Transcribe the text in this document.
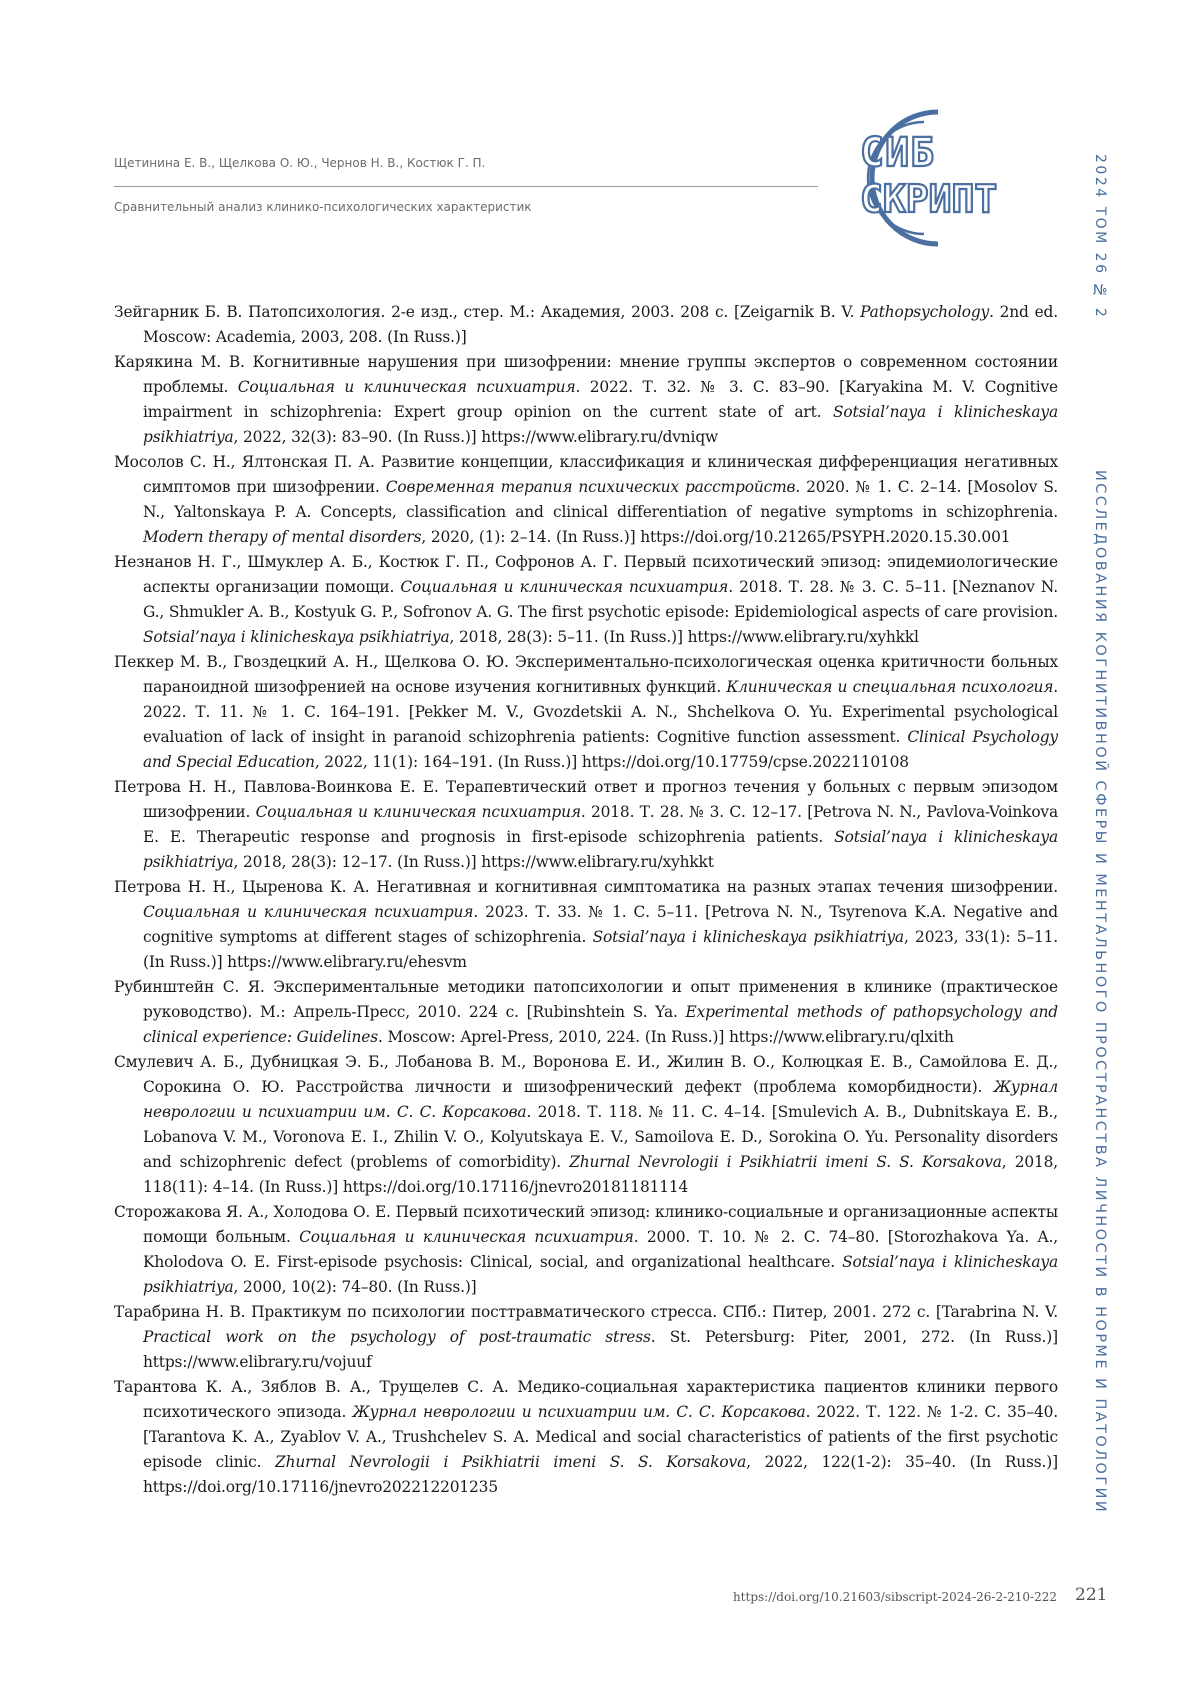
Щетинина Е. В., Щелкова О. Ю., Чернов Н. В., Костюк Г. П.
Сравнительный анализ клинико-психологических характеристик
СИБ
СКРИПТ	2024 ТОМ 26 № 2
ИССЛЕДОВАНИЯ КОГНИТИВНОЙ СФЕРЫ И МЕНТАЛЬНОГО ПРОСТРАНСТВА ЛИЧНОСТИ В НОРМЕ И ПАТОЛОГИИ

Зейгарник Б. В. Патопсихология. 2-е изд., стер. М.: Академия, 2003. 208 с. [Zeigarnik B. V. Pathopsychology. 2nd ed. Moscow: Academia, 2003, 208. (In Russ.)]

Карякина М. В. Когнитивные нарушения при шизофрении: мнение группы экспертов о современном состоянии проблемы. Социальная и клиническая психиатрия. 2022. Т. 32. № 3. С. 83–90. [Karyakina M. V. Cognitive impairment in schizophrenia: Expert group opinion on the current state of art. Sotsial’naya i klinicheskaya psikhiatriya, 2022, 32(3): 83–90. (In Russ.)] https://www.elibrary.ru/dvniqw

Мосолов С. Н., Ялтонская П. А. Развитие концепции, классификация и клиническая дифференциация негативных симптомов при шизофрении. Современная терапия психических расстройств. 2020. № 1. С. 2–14. [Mosolov S. N., Yaltonskaya P. A. Concepts, classification and clinical differentiation of negative symptoms in schizophrenia. Modern therapy of mental disorders, 2020, (1): 2–14. (In Russ.)] https://doi.org/10.21265/PSYPH.2020.15.30.001

Незнанов Н. Г., Шмуклер А. Б., Костюк Г. П., Софронов А. Г. Первый психотический эпизод: эпидемиологические аспекты организации помощи. Социальная и клиническая психиатрия. 2018. Т. 28. № 3. С. 5–11. [Neznanov N. G., Shmukler A. B., Kostyuk G. P., Sofronov A. G. The first psychotic episode: Epidemiological aspects of care provision. Sotsial’naya i klinicheskaya psikhiatriya, 2018, 28(3): 5–11. (In Russ.)] https://www.elibrary.ru/xyhkkl

Пеккер М. В., Гвоздецкий А. Н., Щелкова О. Ю. Экспериментально-психологическая оценка критичности больных параноидной шизофренией на основе изучения когнитивных функций. Клиническая и специальная психология. 2022. Т. 11. № 1. С. 164–191. [Pekker M. V., Gvozdetskii A. N., Shchelkova O. Yu. Experimental psychological evaluation of lack of insight in paranoid schizophrenia patients: Cognitive function assessment. Clinical Psychology and Special Education, 2022, 11(1): 164–191. (In Russ.)] https://doi.org/10.17759/cpse.2022110108

Петрова Н. Н., Павлова-Воинкова Е. Е. Терапевтический ответ и прогноз течения у больных с первым эпизодом шизофрении. Социальная и клиническая психиатрия. 2018. Т. 28. № 3. С. 12–17. [Petrova N. N., Pavlova-Voinkova E. E. Therapeutic response and prognosis in first-episode schizophrenia patients. Sotsial’naya i klinicheskaya psikhiatriya, 2018, 28(3): 12–17. (In Russ.)] https://www.elibrary.ru/xyhkkt

Петрова Н. Н., Цыренова К. А. Негативная и когнитивная симптоматика на разных этапах течения шизофрении. Социальная и клиническая психиатрия. 2023. Т. 33. № 1. С. 5–11. [Petrova N. N., Tsyrenova K.A. Negative and cognitive symptoms at different stages of schizophrenia. Sotsial’naya i klinicheskaya psikhiatriya, 2023, 33(1): 5–11. (In Russ.)] https://www.elibrary.ru/ehesvm

Рубинштейн С. Я. Экспериментальные методики патопсихологии и опыт применения в клинике (практическое руководство). М.: Апрель-Пресс, 2010. 224 с. [Rubinshtein S. Ya. Experimental methods of pathopsychology and clinical experience: Guidelines. Moscow: Aprel-Press, 2010, 224. (In Russ.)] https://www.elibrary.ru/qlxith

Смулевич А. Б., Дубницкая Э. Б., Лобанова В. М., Воронова Е. И., Жилин В. О., Колюцкая Е. В., Самойлова Е. Д., Сорокина О. Ю. Расстройства личности и шизофренический дефект (проблема коморбидности). Журнал неврологии и психиатрии им. С. С. Корсакова. 2018. Т. 118. № 11. С. 4–14. [Smulevich A. B., Dubnitskaya E. B., Lobanova V. M., Voronova E. I., Zhilin V. O., Kolyutskaya E. V., Samoilova E. D., Sorokina O. Yu. Personality disorders and schizophrenic defect (problems of comorbidity). Zhurnal Nevrologii i Psikhiatrii imeni S. S. Korsakova, 2018, 118(11): 4–14. (In Russ.)] https://doi.org/10.17116/jnevro20181181114

Сторожакова Я. А., Холодова О. Е. Первый психотический эпизод: клинико-социальные и организационные аспекты помощи больным. Социальная и клиническая психиатрия. 2000. Т. 10. № 2. С. 74–80. [Storozhakova Ya. A., Kholodova O. E. First-episode psychosis: Clinical, social, and organizational healthcare. Sotsial’naya i klinicheskaya psikhiatriya, 2000, 10(2): 74–80. (In Russ.)]

Тарабрина Н. В. Практикум по психологии посттравматического стресса. СПб.: Питер, 2001. 272 с. [Tarabrina N. V. Practical work on the psychology of post-traumatic stress. St. Petersburg: Piter, 2001, 272. (In Russ.)] https://www.elibrary.ru/vojuuf

Тарантова К. А., Зяблов В. А., Трущелев С. А. Медико-социальная характеристика пациентов клиники первого психотического эпизода. Журнал неврологии и психиатрии им. С. С. Корсакова. 2022. Т. 122. № 1-2. С. 35–40. [Tarantova K. A., Zyablov V. A., Trushchelev S. A. Medical and social characteristics of patients of the first psychotic episode clinic. Zhurnal Nevrologii i Psikhiatrii imeni S. S. Korsakova, 2022, 122(1-2): 35–40. (In Russ.)] https://doi.org/10.17116/jnevro202212201235

https://doi.org/10.21603/sibscript-2024-26-2-210-222 221
